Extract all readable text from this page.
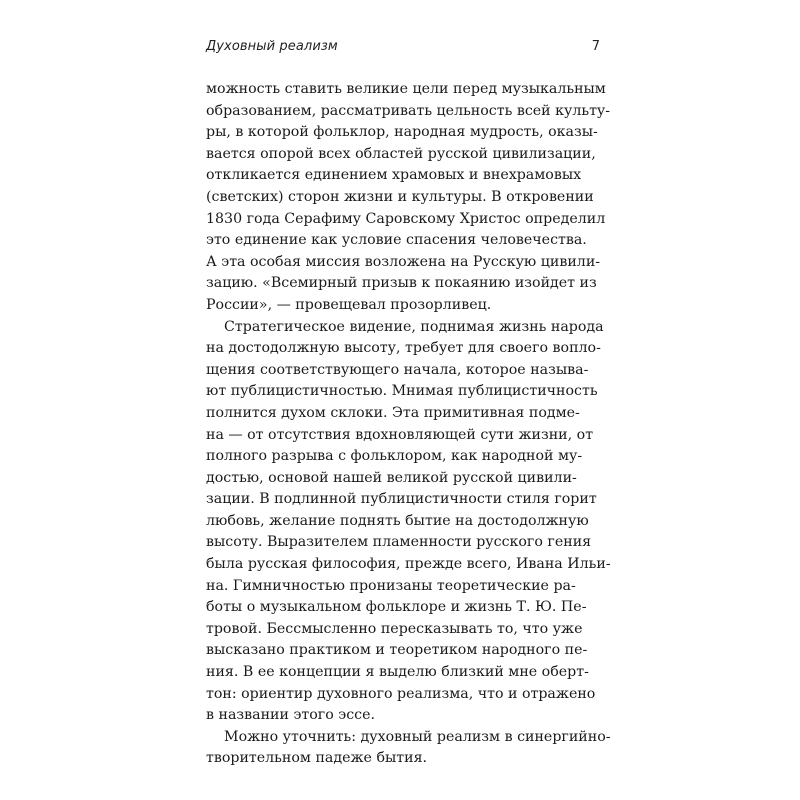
Духовный реализм	7
можность ставить великие цели перед музыкальным
образованием, рассматривать цельность всей культу-
ры, в которой фольклор, народная мудрость, оказы-
вается опорой всех областей русской цивилизации,
откликается единением храмовых и внехрамовых
(светских) сторон жизни и культуры. В откровении
1830 года Серафиму Саровскому Христос определил
это единение как условие спасения человечества.
А эта особая миссия возложена на Русскую цивили-
зацию. «Всемирный призыв к покаянию изойдет из
России», — провещевал прозорливец.
Стратегическое видение, поднимая жизнь народа
на достодолжную высоту, требует для своего вопло-
щения соответствующего начала, которое называ-
ют публицистичностью. Мнимая публицистичность
полнится духом склоки. Эта примитивная подме-
на — от отсутствия вдохновляющей сути жизни, от
полного разрыва с фольклором, как народной му-
достью, основой нашей великой русской цивили-
зации. В подлинной публицистичности стиля горит
любовь, желание поднять бытие на достодолжную
высоту. Выразителем пламенности русского гения
была русская философия, прежде всего, Ивана Ильи-
на. Гимничностью пронизаны теоретические ра-
боты о музыкальном фольклоре и жизнь Т. Ю. Пе-
тровой. Бессмысленно пересказывать то, что уже
высказано практиком и теоретиком народного пе-
ния. В ее концепции я выделю близкий мне оберт-
тон: ориентир духовного реализма, что и отражено
в названии этого эссе.
Можно уточнить: духовный реализм в синергийно-
творительном падеже бытия.
